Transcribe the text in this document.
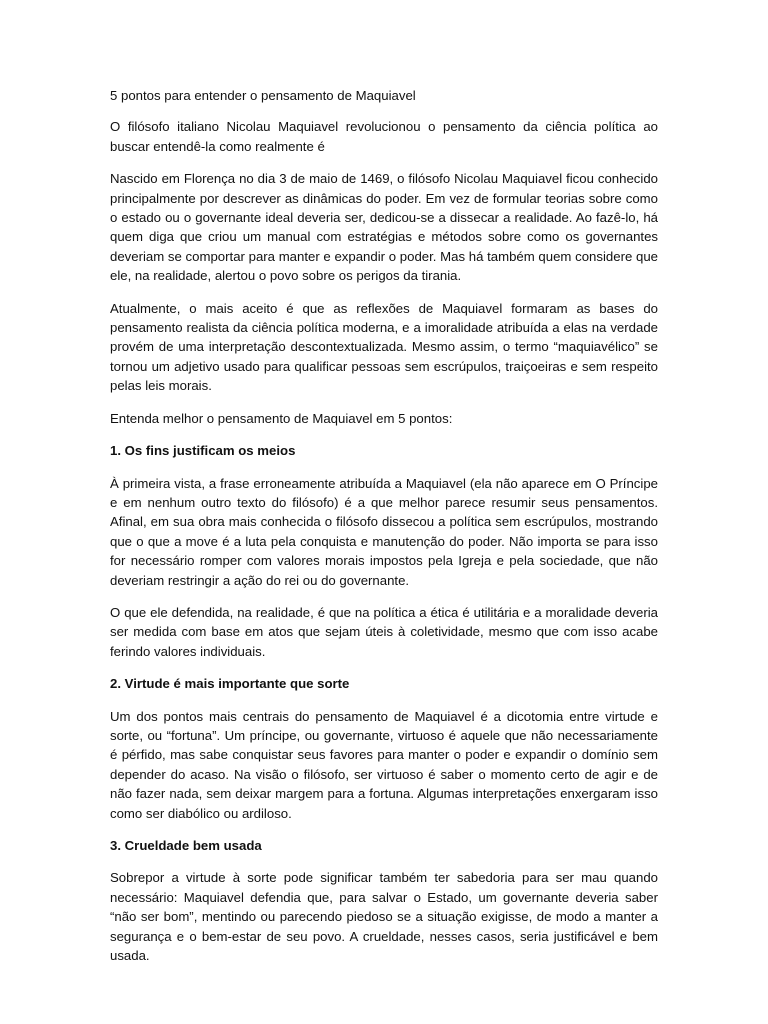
5 pontos para entender o pensamento de Maquiavel

O filósofo italiano Nicolau Maquiavel revolucionou o pensamento da ciência política ao buscar entendê-la como realmente é

Nascido em Florença no dia 3 de maio de 1469, o filósofo Nicolau Maquiavel ficou conhecido principalmente por descrever as dinâmicas do poder. Em vez de formular teorias sobre como o estado ou o governante ideal deveria ser, dedicou-se a dissecar a realidade. Ao fazê-lo, há quem diga que criou um manual com estratégias e métodos sobre como os governantes deveriam se comportar para manter e expandir o poder. Mas há também quem considere que ele, na realidade, alertou o povo sobre os perigos da tirania.

Atualmente, o mais aceito é que as reflexões de Maquiavel formaram as bases do pensamento realista da ciência política moderna, e a imoralidade atribuída a elas na verdade provém de uma interpretação descontextualizada. Mesmo assim, o termo “maquiavélico” se tornou um adjetivo usado para qualificar pessoas sem escrúpulos, traiçoeiras e sem respeito pelas leis morais.

Entenda melhor o pensamento de Maquiavel em 5 pontos:

1. Os fins justificam os meios

À primeira vista, a frase erroneamente atribuída a Maquiavel (ela não aparece em O Príncipe e em nenhum outro texto do filósofo) é a que melhor parece resumir seus pensamentos. Afinal, em sua obra mais conhecida o filósofo dissecou a política sem escrúpulos, mostrando que o que a move é a luta pela conquista e manutenção do poder. Não importa se para isso for necessário romper com valores morais impostos pela Igreja e pela sociedade, que não deveriam restringir a ação do rei ou do governante.

O que ele defendida, na realidade, é que na política a ética é utilitária e a moralidade deveria ser medida com base em atos que sejam úteis à coletividade, mesmo que com isso acabe ferindo valores individuais.

2. Virtude é mais importante que sorte

Um dos pontos mais centrais do pensamento de Maquiavel é a dicotomia entre virtude e sorte, ou “fortuna”. Um príncipe, ou governante, virtuoso é aquele que não necessariamente é pérfido, mas sabe conquistar seus favores para manter o poder e expandir o domínio sem depender do acaso. Na visão o filósofo, ser virtuoso é saber o momento certo de agir e de não fazer nada, sem deixar margem para a fortuna. Algumas interpretações enxergaram isso como ser diabólico ou ardiloso.

3. Crueldade bem usada

Sobrepor a virtude à sorte pode significar também ter sabedoria para ser mau quando necessário: Maquiavel defendia que, para salvar o Estado, um governante deveria saber “não ser bom”, mentindo ou parecendo piedoso se a situação exigisse, de modo a manter a segurança e o bem-estar de seu povo. A crueldade, nesses casos, seria justificável e bem usada.
